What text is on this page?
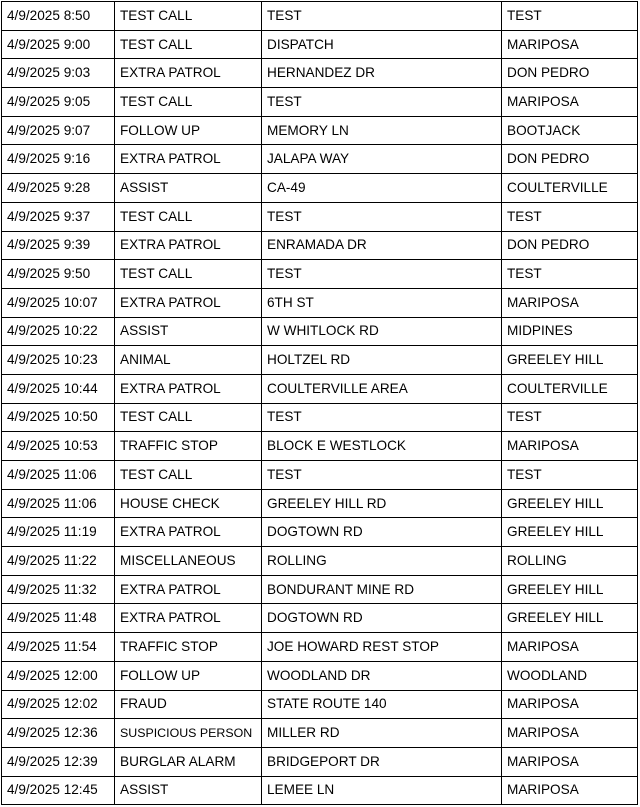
4/9/2025 8:50	TEST CALL	TEST	TEST
4/9/2025 9:00	TEST CALL	DISPATCH	MARIPOSA
4/9/2025 9:03	EXTRA PATROL	HERNANDEZ DR	DON PEDRO
4/9/2025 9:05	TEST CALL	TEST	MARIPOSA
4/9/2025 9:07	FOLLOW UP	MEMORY LN	BOOTJACK
4/9/2025 9:16	EXTRA PATROL	JALAPA WAY	DON PEDRO
4/9/2025 9:28	ASSIST	CA-49	COULTERVILLE
4/9/2025 9:37	TEST CALL	TEST	TEST
4/9/2025 9:39	EXTRA PATROL	ENRAMADA DR	DON PEDRO
4/9/2025 9:50	TEST CALL	TEST	TEST
4/9/2025 10:07	EXTRA PATROL	6TH ST	MARIPOSA
4/9/2025 10:22	ASSIST	W WHITLOCK RD	MIDPINES
4/9/2025 10:23	ANIMAL	HOLTZEL RD	GREELEY HILL
4/9/2025 10:44	EXTRA PATROL	COULTERVILLE AREA	COULTERVILLE
4/9/2025 10:50	TEST CALL	TEST	TEST
4/9/2025 10:53	TRAFFIC STOP	BLOCK E WESTLOCK	MARIPOSA
4/9/2025 11:06	TEST CALL	TEST	TEST
4/9/2025 11:06	HOUSE CHECK	GREELEY HILL RD	GREELEY HILL
4/9/2025 11:19	EXTRA PATROL	DOGTOWN RD	GREELEY HILL
4/9/2025 11:22	MISCELLANEOUS	ROLLING	ROLLING
4/9/2025 11:32	EXTRA PATROL	BONDURANT MINE RD	GREELEY HILL
4/9/2025 11:48	EXTRA PATROL	DOGTOWN RD	GREELEY HILL
4/9/2025 11:54	TRAFFIC STOP	JOE HOWARD REST STOP	MARIPOSA
4/9/2025 12:00	FOLLOW UP	WOODLAND DR	WOODLAND
4/9/2025 12:02	FRAUD	STATE ROUTE 140	MARIPOSA
4/9/2025 12:36	SUSPICIOUS PERSON	MILLER RD	MARIPOSA
4/9/2025 12:39	BURGLAR ALARM	BRIDGEPORT DR	MARIPOSA
4/9/2025 12:45	ASSIST	LEMEE LN	MARIPOSA
